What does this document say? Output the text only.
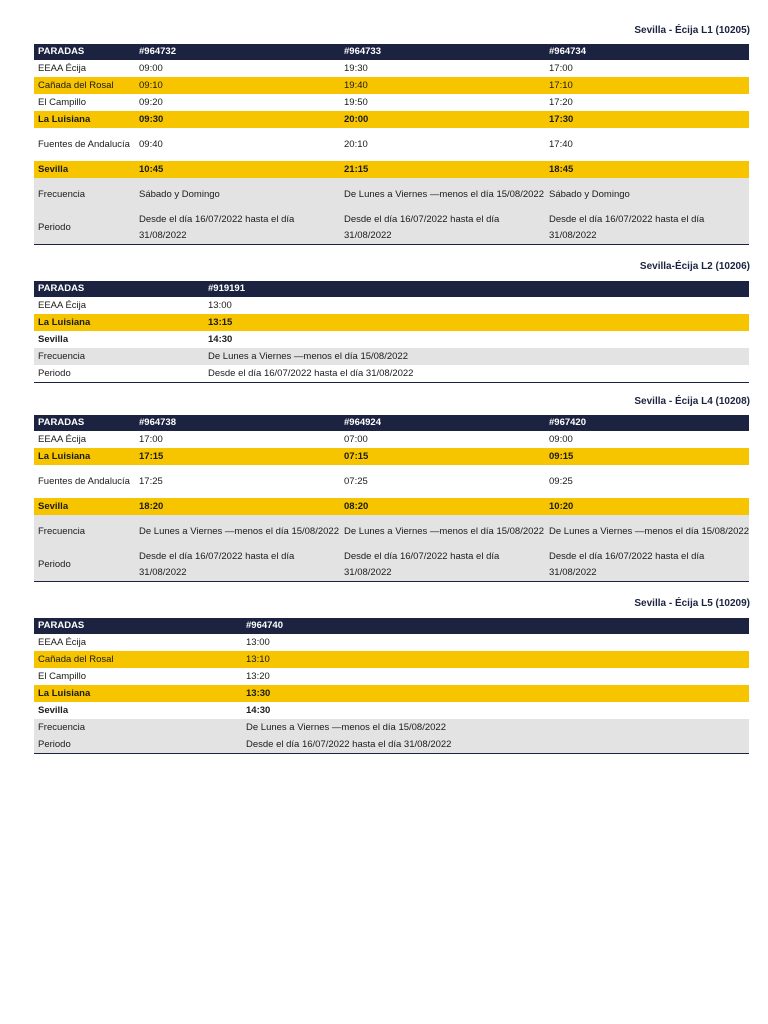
Sevilla - Écija L1 (10205)
PARADAS	#964732	#964733	#964734
EEAA Écija	09:00	19:30	17:00
Cañada del Rosal	09:10	19:40	17:10
El Campillo	09:20	19:50	17:20
La Luisiana	09:30	20:00	17:30
Fuentes de Andalucía	09:40	20:10	17:40
Sevilla	10:45	21:15	18:45
Frecuencia	Sábado y Domingo	De Lunes a Viernes —menos el día 15/08/2022	Sábado y Domingo
Periodo	Desde el día 16/07/2022 hasta el día 31/08/2022	Desde el día 16/07/2022 hasta el día 31/08/2022	Desde el día 16/07/2022 hasta el día 31/08/2022
Sevilla-Écija L2 (10206)
PARADAS	#919191
EEAA Écija	13:00
La Luisiana	13:15
Sevilla	14:30
Frecuencia	De Lunes a Viernes —menos el día 15/08/2022
Periodo	Desde el día 16/07/2022 hasta el día 31/08/2022
Sevilla - Écija L4 (10208)
PARADAS	#964738	#964924	#967420
EEAA Écija	17:00	07:00	09:00
La Luisiana	17:15	07:15	09:15
Fuentes de Andalucía	17:25	07:25	09:25
Sevilla	18:20	08:20	10:20
Frecuencia	De Lunes a Viernes —menos el día 15/08/2022	De Lunes a Viernes —menos el día 15/08/2022	De Lunes a Viernes —menos el día 15/08/2022
Periodo	Desde el día 16/07/2022 hasta el día 31/08/2022	Desde el día 16/07/2022 hasta el día 31/08/2022	Desde el día 16/07/2022 hasta el día 31/08/2022
Sevilla - Écija L5 (10209)
PARADAS	#964740
EEAA Écija	13:00
Cañada del Rosal	13:10
El Campillo	13:20
La Luisiana	13:30
Sevilla	14:30
Frecuencia	De Lunes a Viernes —menos el día 15/08/2022
Periodo	Desde el día 16/07/2022 hasta el día 31/08/2022
